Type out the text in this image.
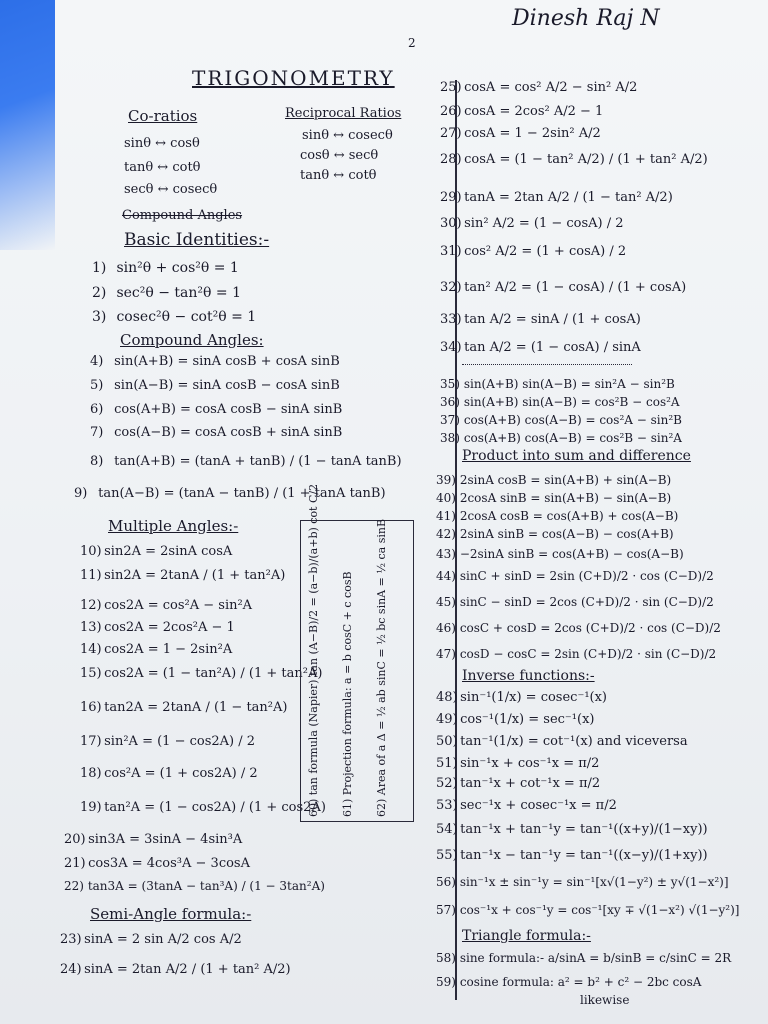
Dinesh Raj N
2
TRIGONOMETRY
Co-ratios
sinθ ↔ cosθ
tanθ ↔ cotθ
secθ ↔ cosecθ
Reciprocal Ratios
sinθ ↔ cosecθ
cosθ ↔ secθ
tanθ ↔ cotθ
Compound Angles
Basic Identities:-
1) sin²θ + cos²θ = 1
2) sec²θ − tan²θ = 1
3) cosec²θ − cot²θ = 1
Compound Angles:
4) sin(A+B) = sinA cosB + cosA sinB
5) sin(A−B) = sinA cosB − cosA sinB
6) cos(A+B) = cosA cosB − sinA sinB
7) cos(A−B) = cosA cosB + sinA sinB
8) tan(A+B) = (tanA + tanB) / (1 − tanA tanB)
9) tan(A−B) = (tanA − tanB) / (1 + tanA tanB)
Multiple Angles:-
10) sin2A = 2sinA cosA
11) sin2A = 2tanA / (1 + tan²A)
12) cos2A = cos²A − sin²A
13) cos2A = 2cos²A − 1
14) cos2A = 1 − 2sin²A
15) cos2A = (1 − tan²A) / (1 + tan²A)
16) tan2A = 2tanA / (1 − tan²A)
17) sin²A = (1 − cos2A) / 2
18) cos²A = (1 + cos2A) / 2
19) tan²A = (1 − cos2A) / (1 + cos2A)
20) sin3A = 3sinA − 4sin³A
21) cos3A = 4cos³A − 3cosA
22) tan3A = (3tanA − tan³A) / (1 − 3tan²A)
Semi-Angle formula:-
23) sinA = 2 sin A/2 cos A/2
24) sinA = 2tan A/2 / (1 + tan² A/2)
60) tan formula (Napier) tan (A−B)/2 = (a−b)/(a+b) cot C/2 61) Projection formula: a = b cosC + c cosB 62) Area of a Δ = ½ ab sinC = ½ bc sinA = ½ ca sinB
25) cosA = cos² A/2 − sin² A/2
26) cosA = 2cos² A/2 − 1
27) cosA = 1 − 2sin² A/2
28) cosA = (1 − tan² A/2) / (1 + tan² A/2)
29) tanA = 2tan A/2 / (1 − tan² A/2)
30) sin² A/2 = (1 − cosA) / 2
31) cos² A/2 = (1 + cosA) / 2
32) tan² A/2 = (1 − cosA) / (1 + cosA)
33) tan A/2 = sinA / (1 + cosA)
34) tan A/2 = (1 − cosA) / sinA
35) sin(A+B) sin(A−B) = sin²A − sin²B
36) sin(A+B) sin(A−B) = cos²B − cos²A
37) cos(A+B) cos(A−B) = cos²A − sin²B
38) cos(A+B) cos(A−B) = cos²B − sin²A
Product into sum and difference
39) 2sinA cosB = sin(A+B) + sin(A−B)
40) 2cosA sinB = sin(A+B) − sin(A−B)
41) 2cosA cosB = cos(A+B) + cos(A−B)
42) 2sinA sinB = cos(A−B) − cos(A+B)
43) −2sinA sinB = cos(A+B) − cos(A−B)
44) sinC + sinD = 2sin (C+D)/2 · cos (C−D)/2
45) sinC − sinD = 2cos (C+D)/2 · sin (C−D)/2
46) cosC + cosD = 2cos (C+D)/2 · cos (C−D)/2
47) cosD − cosC = 2sin (C+D)/2 · sin (C−D)/2
Inverse functions:-
48) sin⁻¹(1/x) = cosec⁻¹(x)
49) cos⁻¹(1/x) = sec⁻¹(x)
50) tan⁻¹(1/x) = cot⁻¹(x) and viceversa
51) sin⁻¹x + cos⁻¹x = π/2
52) tan⁻¹x + cot⁻¹x = π/2
53) sec⁻¹x + cosec⁻¹x = π/2
54) tan⁻¹x + tan⁻¹y = tan⁻¹((x+y)/(1−xy))
55) tan⁻¹x − tan⁻¹y = tan⁻¹((x−y)/(1+xy))
56) sin⁻¹x ± sin⁻¹y = sin⁻¹[x√(1−y²) ± y√(1−x²)]
57) cos⁻¹x + cos⁻¹y = cos⁻¹[xy ∓ √(1−x²) √(1−y²)]
Triangle formula:-
58) sine formula:- a/sinA = b/sinB = c/sinC = 2R
59) cosine formula: a² = b² + c² − 2bc cosA
likewise
